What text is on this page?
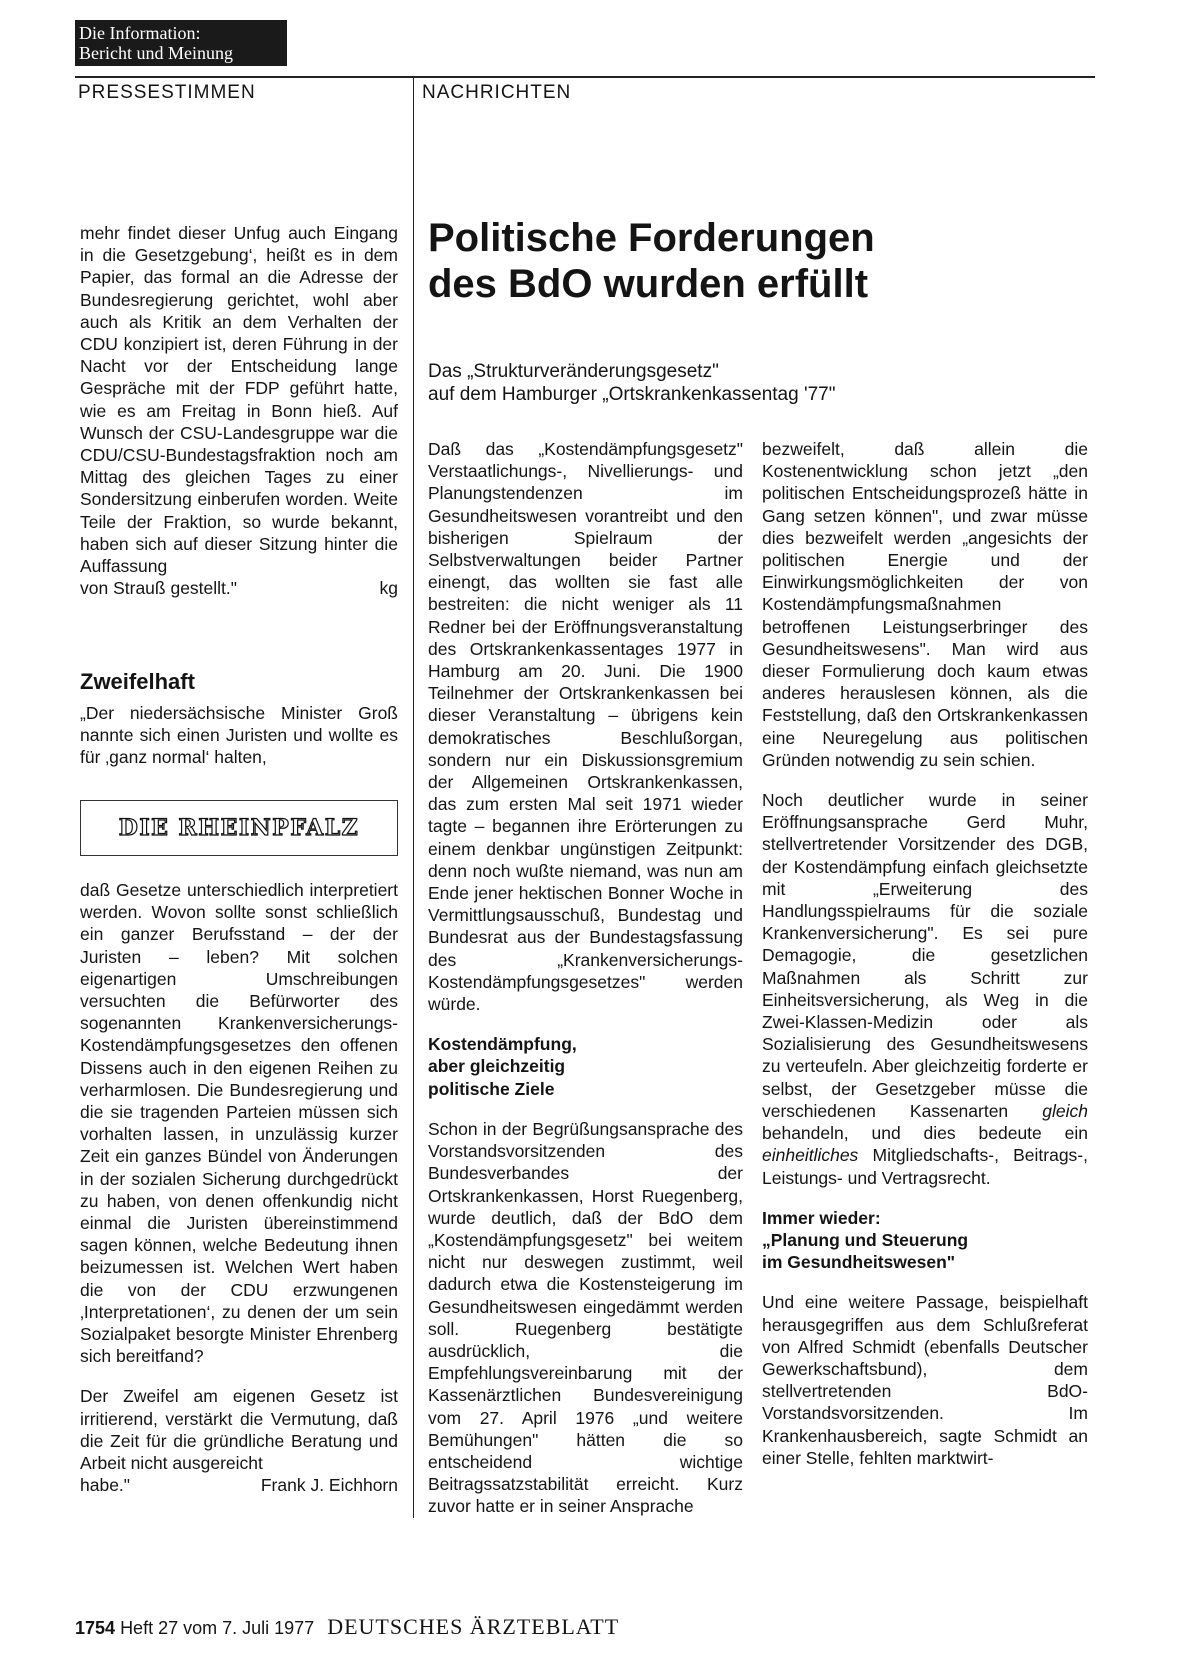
Die Information:
Bericht und Meinung
PRESSESTIMMEN	NACHRICHTEN

mehr findet dieser Unfug auch Eingang in die Gesetzgebung‘, heißt es in dem Papier, das formal an die Adresse der Bundesregierung gerichtet, wohl aber auch als Kritik an dem Verhalten der CDU konzipiert ist, deren Führung in der Nacht vor der Entscheidung lange Gespräche mit der FDP geführt hatte, wie es am Freitag in Bonn hieß. Auf Wunsch der CSU-Landesgruppe war die CDU/CSU-Bundestagsfraktion noch am Mittag des gleichen Tages zu einer Sondersitzung einberufen worden. Weite Teile der Fraktion, so wurde bekannt, haben sich auf dieser Sitzung hinter die Auffassung
von Strauß gestellt."	kg

Zweifelhaft

„Der niedersächsische Minister Groß nannte sich einen Juristen und wollte es für ‚ganz normal‘ halten,

DIE RHEINPFALZ

daß Gesetze unterschiedlich interpretiert werden. Wovon sollte sonst schließlich ein ganzer Berufsstand – der der Juristen – leben? Mit solchen eigenartigen Umschreibungen versuchten die Befürworter des sogenannten Krankenversicherungs-Kostendämpfungsgesetzes den offenen Dissens auch in den eigenen Reihen zu verharmlosen. Die Bundesregierung und die sie tragenden Parteien müssen sich vorhalten lassen, in unzulässig kurzer Zeit ein ganzes Bündel von Änderungen in der sozialen Sicherung durchgedrückt zu haben, von denen offenkundig nicht einmal die Juristen übereinstimmend sagen können, welche Bedeutung ihnen beizumessen ist. Welchen Wert haben die von der CDU erzwungenen ‚Interpretationen‘, zu denen der um sein Sozialpaket besorgte Minister Ehrenberg sich bereitfand?

Der Zweifel am eigenen Gesetz ist irritierend, verstärkt die Vermutung, daß die Zeit für die gründliche Beratung und Arbeit nicht ausgereicht
habe."	Frank J. Eichhorn

Politische Forderungen
des BdO wurden erfüllt
Das „Strukturveränderungsgesetz"
auf dem Hamburger „Ortskrankenkassentag '77"

Daß das „Kostendämpfungsgesetz" Verstaatlichungs-, Nivellierungs- und Planungstendenzen im Gesundheitswesen vorantreibt und den bisherigen Spielraum der Selbstverwaltungen beider Partner einengt, das wollten sie fast alle bestreiten: die nicht weniger als 11 Redner bei der Eröffnungsveranstaltung des Ortskrankenkassentages 1977 in Hamburg am 20. Juni. Die 1900 Teilnehmer der Ortskrankenkassen bei dieser Veranstaltung – übrigens kein demokratisches Beschlußorgan, sondern nur ein Diskussionsgremium der Allgemeinen Ortskrankenkassen, das zum ersten Mal seit 1971 wieder tagte – begannen ihre Erörterungen zu einem denkbar ungünstigen Zeitpunkt: denn noch wußte niemand, was nun am Ende jener hektischen Bonner Woche in Vermittlungsausschuß, Bundestag und Bundesrat aus der Bundestagsfassung des „Krankenversicherungs-Kostendämpfungsgesetzes" werden würde.

Kostendämpfung,
aber gleichzeitig
politische Ziele

Schon in der Begrüßungsansprache des Vorstandsvorsitzenden des Bundesverbandes der Ortskrankenkassen, Horst Ruegenberg, wurde deutlich, daß der BdO dem „Kostendämpfungsgesetz" bei weitem nicht nur deswegen zustimmt, weil dadurch etwa die Kostensteigerung im Gesundheitswesen eingedämmt werden soll. Ruegenberg bestätigte ausdrücklich, die Empfehlungsvereinbarung mit der Kassenärztlichen Bundesvereinigung vom 27. April 1976 „und weitere Bemühungen" hätten die so entscheidend wichtige Beitragssatzstabilität erreicht. Kurz zuvor hatte er in seiner Ansprache

bezweifelt, daß allein die Kostenentwicklung schon jetzt „den politischen Entscheidungsprozeß hätte in Gang setzen können", und zwar müsse dies bezweifelt werden „angesichts der politischen Energie und der Einwirkungsmöglichkeiten der von Kostendämpfungsmaßnahmen betroffenen Leistungserbringer des Gesundheitswesens". Man wird aus dieser Formulierung doch kaum etwas anderes herauslesen können, als die Feststellung, daß den Ortskrankenkassen eine Neuregelung aus politischen Gründen notwendig zu sein schien.

Noch deutlicher wurde in seiner Eröffnungsansprache Gerd Muhr, stellvertretender Vorsitzender des DGB, der Kostendämpfung einfach gleichsetzte mit „Erweiterung des Handlungsspielraums für die soziale Krankenversicherung". Es sei pure Demagogie, die gesetzlichen Maßnahmen als Schritt zur Einheitsversicherung, als Weg in die Zwei-Klassen-Medizin oder als Sozialisierung des Gesundheitswesens zu verteufeln. Aber gleichzeitig forderte er selbst, der Gesetzgeber müsse die verschiedenen Kassenarten gleich behandeln, und dies bedeute ein einheitliches Mitgliedschafts-, Beitrags-, Leistungs- und Vertragsrecht.

Immer wieder:
„Planung und Steuerung
im Gesundheitswesen"

Und eine weitere Passage, beispielhaft herausgegriffen aus dem Schlußreferat von Alfred Schmidt (ebenfalls Deutscher Gewerkschaftsbund), dem stellvertretenden BdO-Vorstandsvorsitzenden. Im Krankenhausbereich, sagte Schmidt an einer Stelle, fehlten marktwirt-

1754 Heft 27 vom 7. Juli 1977 DEUTSCHES ÄRZTEBLATT
